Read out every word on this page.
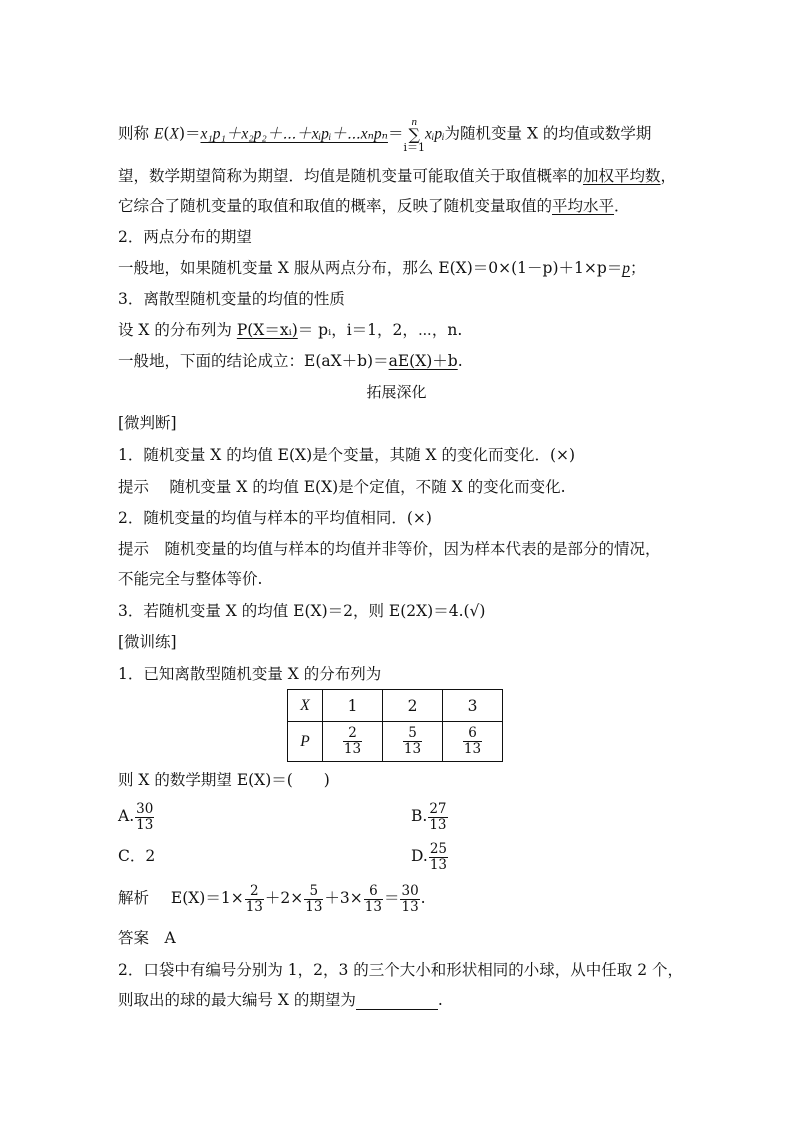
则称 E(X)＝x₁p₁＋x₂p₂＋⋯＋xᵢpᵢ＋⋯xₙpₙ＝n
∑
i＝1xᵢpᵢ为随机变量 X 的均值或数学期
望，数学期望简称为期望．均值是随机变量可能取值关于取值概率的加权平均数，
它综合了随机变量的取值和取值的概率，反映了随机变量取值的平均水平．
2．两点分布的期望
一般地，如果随机变量 X 服从两点分布，那么 E(X)＝0×(1－p)＋1×p＝p；
3．离散型随机变量的均值的性质
设 X 的分布列为 P(X＝xᵢ)＝ pᵢ，i＝1，2，⋯，n.
一般地，下面的结论成立：E(aX＋b)＝aE(X)＋b.
拓展深化
[微判断]
1．随机变量 X 的均值 E(X)是个变量，其随 X 的变化而变化．(×)
提示　 随机变量 X 的均值 E(X)是个定值，不随 X 的变化而变化.
2．随机变量的均值与样本的平均值相同．(×)
提示　随机变量的均值与样本的均值并非等价，因为样本代表的是部分的情况，
不能完全与整体等价.
3．若随机变量 X 的均值 E(X)＝2，则 E(2X)＝4.(√)
[微训练]
1．已知离散型随机变量 X 的分布列为
X	1	2	3
P	$\frac{2}{13}$	$\frac{5}{13}$	$\frac{6}{13}$
则 X 的数学期望 E(X)＝(　　)
A. $\frac{30}{13}$	B. $\frac{27}{13}$
C．2	D. $\frac{25}{13}$
解析 $E(X)=1\times \frac{2}{13} +2\times \frac{5}{13} +3\times \frac{6}{13} = \frac{30}{13}$ .
答案　A
2．口袋中有编号分别为 1，2，3 的三个大小和形状相同的小球，从中任取 2 个，
则取出的球的最大编号 X 的期望为	.
